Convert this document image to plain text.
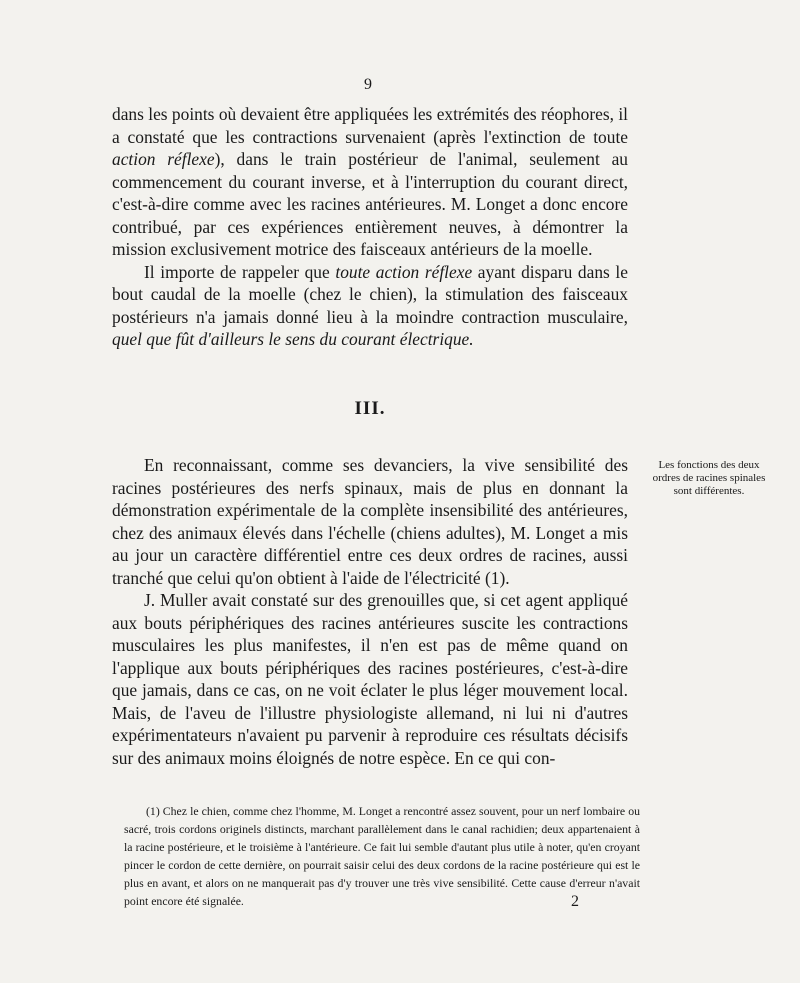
9

dans les points où devaient être appliquées les extrémités des réophores, il a constaté que les contractions survenaient (après l'extinction de toute action réflexe), dans le train postérieur de l'animal, seulement au commencement du courant inverse, et à l'interruption du courant direct, c'est-à-dire comme avec les racines antérieures. M. Longet a donc encore contribué, par ces expériences entièrement neuves, à démontrer la mission exclusivement motrice des faisceaux antérieurs de la moelle.

Il importe de rappeler que toute action réflexe ayant disparu dans le bout caudal de la moelle (chez le chien), la stimulation des faisceaux postérieurs n'a jamais donné lieu à la moindre contraction musculaire, quel que fût d'ailleurs le sens du courant électrique.

III.

En reconnaissant, comme ses devanciers, la vive sensibilité des racines postérieures des nerfs spinaux, mais de plus en donnant la démonstration expérimentale de la complète insensibilité des antérieures, chez des animaux élevés dans l'échelle (chiens adultes), M. Longet a mis au jour un caractère différentiel entre ces deux ordres de racines, aussi tranché que celui qu'on obtient à l'aide de l'électricité (1).

J. Muller avait constaté sur des grenouilles que, si cet agent appliqué aux bouts périphériques des racines antérieures suscite les contractions musculaires les plus manifestes, il n'en est pas de même quand on l'applique aux bouts périphériques des racines postérieures, c'est-à-dire que jamais, dans ce cas, on ne voit éclater le plus léger mouvement local. Mais, de l'aveu de l'illustre physiologiste allemand, ni lui ni d'autres expérimentateurs n'avaient pu parvenir à reproduire ces résultats décisifs sur des animaux moins éloignés de notre espèce. En ce qui con-

Les fonctions des deux ordres de racines spinales sont différentes.

(1) Chez le chien, comme chez l'homme, M. Longet a rencontré assez souvent, pour un nerf lombaire ou sacré, trois cordons originels distincts, marchant parallèlement dans le canal rachidien; deux appartenaient à la racine postérieure, et le troisième à l'antérieure. Ce fait lui semble d'autant plus utile à noter, qu'en croyant pincer le cordon de cette dernière, on pourrait saisir celui des deux cordons de la racine postérieure qui est le plus en avant, et alors on ne manquerait pas d'y trouver une très vive sensibilité. Cette cause d'erreur n'avait point encore été signalée.	2
